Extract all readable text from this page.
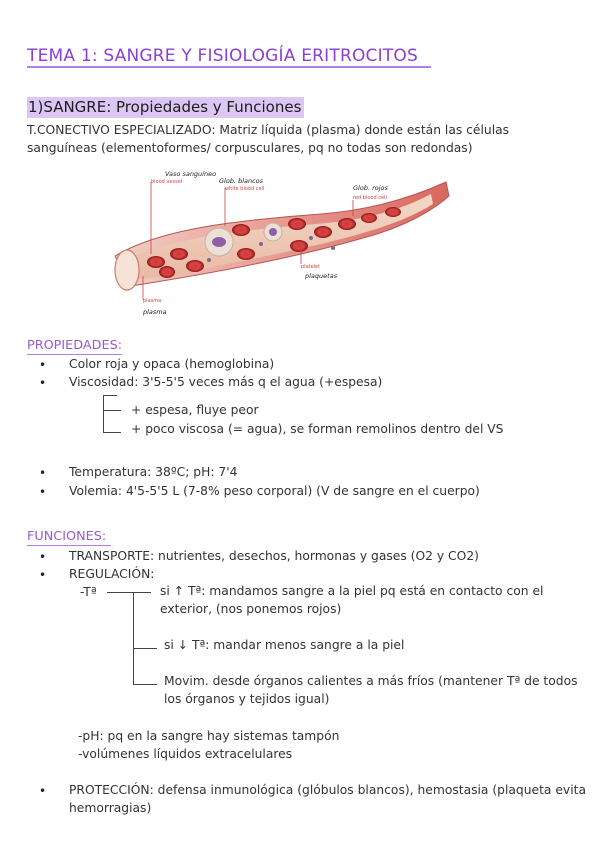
TEMA 1: SANGRE Y FISIOLOGÍA ERITROCITOS
1)SANGRE: Propiedades y Funciones
T.CONECTIVO ESPECIALIZADO: Matriz líquida (plasma) donde están las células sanguíneas (elementoformes/ corpusculares, pq no todas son redondas)
Vaso sanguíneo
blood vessel	Glob. blancos
white blood cell	Glob. rojos
red blood cell
platelet
plaquetas
plasma
plasma
PROPIEDADES:
• Color roja y opaca (hemoglobina)
• Viscosidad: 3'5-5'5 veces más q el agua (+espesa)
+ espesa, fluye peor
+ poco viscosa (= agua), se forman remolinos dentro del VS
• Temperatura: 38ºC; pH: 7'4
• Volemia: 4'5-5'5 L (7-8% peso corporal) (V de sangre en el cuerpo)
FUNCIONES:
• TRANSPORTE: nutrientes, desechos, hormonas y gases (O2 y CO2)
• REGULACIÓN:
-Tª	si ↑ Tª: mandamos sangre a la piel pq está en contacto con el
exterior, (nos ponemos rojos)
si ↓ Tª: mandar menos sangre a la piel
Movim. desde órganos calientes a más fríos (mantener Tª de todos
los órganos y tejidos igual)
-pH: pq en la sangre hay sistemas tampón
-volúmenes líquidos extracelulares
• PROTECCIÓN: defensa inmunológica (glóbulos blancos), hemostasia (plaqueta evita
hemorragias)
